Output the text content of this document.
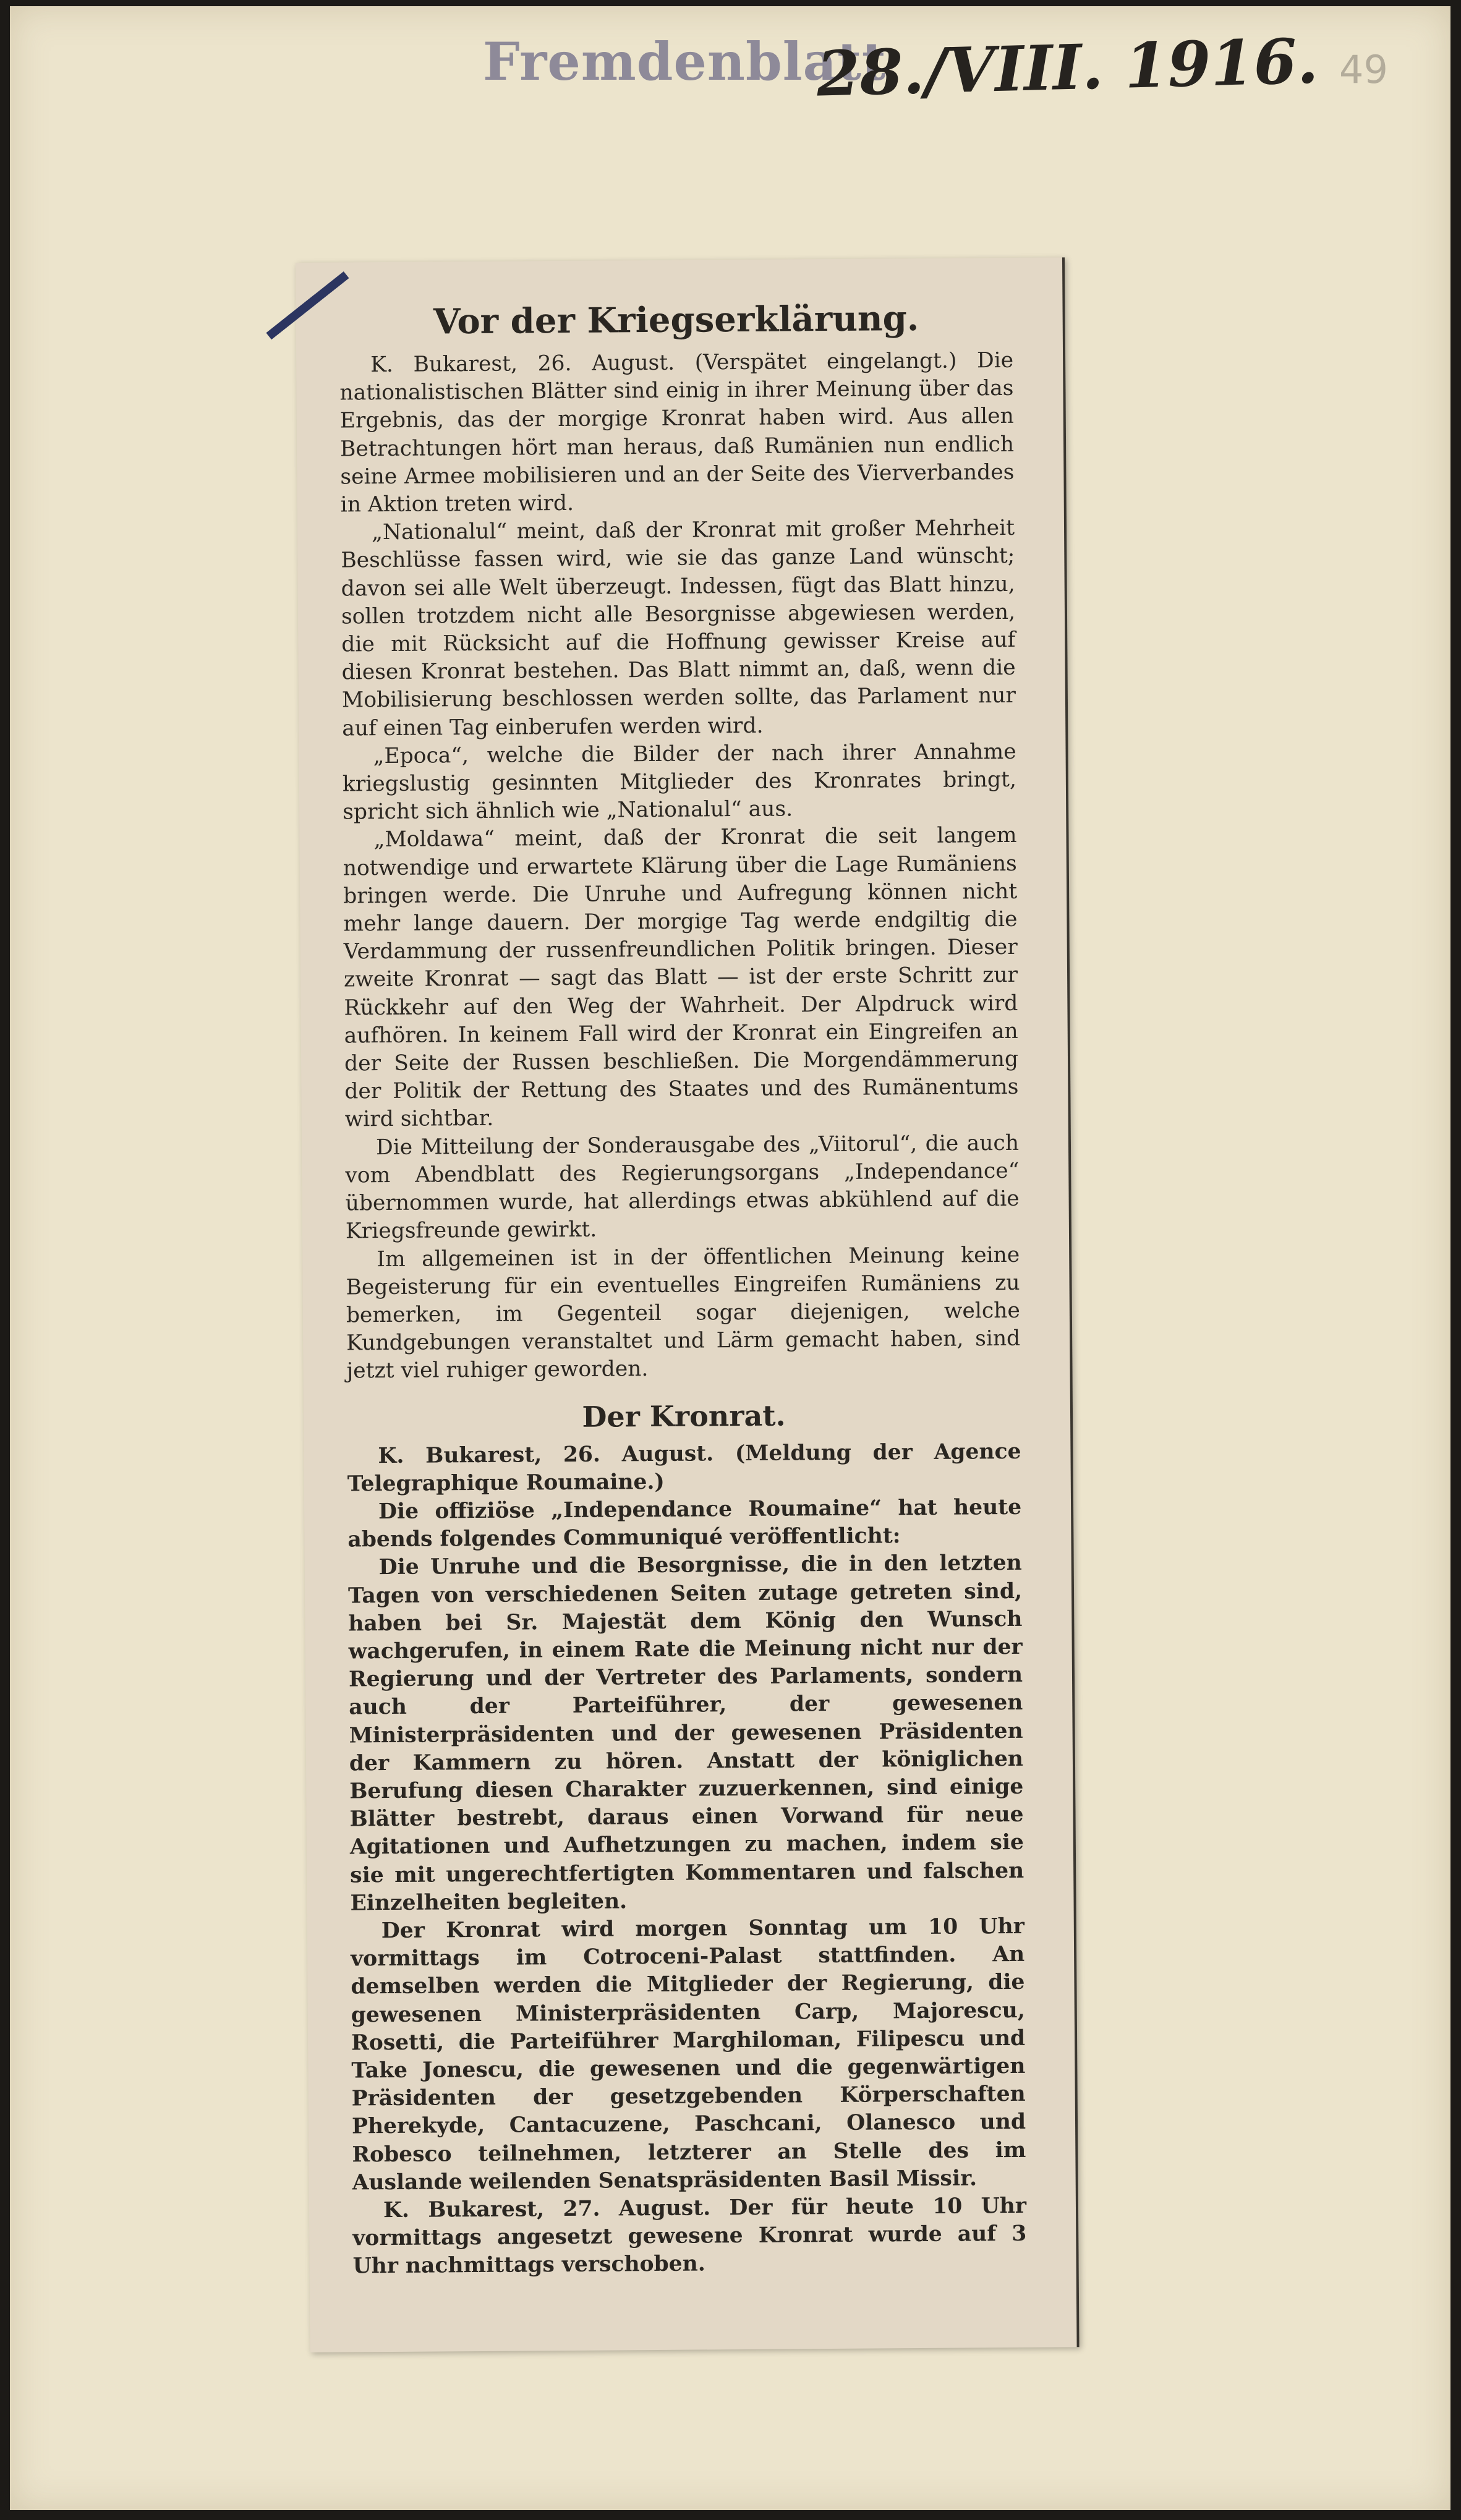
Fremdenblatt
28./VIII. 1916. 49
Vor der Kriegserklärung.

K. Bukarest, 26. August. (Verspätet eingelangt.) Die nationalistischen Blätter sind einig in ihrer Meinung über das Ergebnis, das der morgige Kronrat haben wird. Aus allen Betrachtungen hört man heraus, daß Rumänien nun endlich seine Armee mobilisieren und an der Seite des Vierverbandes in Aktion treten wird.

„Nationalul“ meint, daß der Kronrat mit großer Mehrheit Beschlüsse fassen wird, wie sie das ganze Land wünscht; davon sei alle Welt überzeugt. Indessen, fügt das Blatt hinzu, sollen trotzdem nicht alle Besorgnisse abgewiesen werden, die mit Rücksicht auf die Hoffnung gewisser Kreise auf diesen Kronrat bestehen. Das Blatt nimmt an, daß, wenn die Mobilisierung beschlossen werden sollte, das Parlament nur auf einen Tag einberufen werden wird.

„Epoca“, welche die Bilder der nach ihrer Annahme kriegslustig gesinnten Mitglieder des Kronrates bringt, spricht sich ähnlich wie „Nationalul“ aus.

„Moldawa“ meint, daß der Kronrat die seit langem notwendige und erwartete Klärung über die Lage Rumäniens bringen werde. Die Unruhe und Aufregung können nicht mehr lange dauern. Der morgige Tag werde endgiltig die Verdammung der russenfreundlichen Politik bringen. Dieser zweite Kronrat — sagt das Blatt — ist der erste Schritt zur Rückkehr auf den Weg der Wahrheit. Der Alpdruck wird aufhören. In keinem Fall wird der Kronrat ein Eingreifen an der Seite der Russen beschließen. Die Morgendämmerung der Politik der Rettung des Staates und des Rumänentums wird sichtbar.

Die Mitteilung der Sonderausgabe des „Viitorul“, die auch vom Abendblatt des Regierungsorgans „Independance“ übernommen wurde, hat allerdings etwas abkühlend auf die Kriegsfreunde gewirkt.

Im allgemeinen ist in der öffentlichen Meinung keine Begeisterung für ein eventuelles Eingreifen Rumäniens zu bemerken, im Gegenteil sogar diejenigen, welche Kundgebungen veranstaltet und Lärm gemacht haben, sind jetzt viel ruhiger geworden.

Der Kronrat.

K. Bukarest, 26. August. (Meldung der Agence Telegraphique Roumaine.)

Die offiziöse „Independance Roumaine“ hat heute abends folgendes Communiqué veröffentlicht:

Die Unruhe und die Besorgnisse, die in den letzten Tagen von verschiedenen Seiten zutage getreten sind, haben bei Sr. Majestät dem König den Wunsch wachgerufen, in einem Rate die Meinung nicht nur der Regierung und der Vertreter des Parlaments, sondern auch der Parteiführer, der gewesenen Ministerpräsidenten und der gewesenen Präsidenten der Kammern zu hören. Anstatt der königlichen Berufung diesen Charakter zuzuerkennen, sind einige Blätter bestrebt, daraus einen Vorwand für neue Agitationen und Aufhetzungen zu machen, indem sie sie mit ungerechtfertigten Kommentaren und falschen Einzelheiten begleiten.

Der Kronrat wird morgen Sonntag um 10 Uhr vormittags im Cotroceni-Palast stattfinden. An demselben werden die Mitglieder der Regierung, die gewesenen Ministerpräsidenten Carp, Majorescu, Rosetti, die Parteiführer Marghiloman, Filipescu und Take Jonescu, die gewesenen und die gegenwärtigen Präsidenten der gesetzgebenden Körperschaften Pherekyde, Cantacuzene, Paschcani, Olanesco und Robesco teilnehmen, letzterer an Stelle des im Auslande weilenden Senatspräsidenten Basil Missir.

K. Bukarest, 27. August. Der für heute 10 Uhr vormittags angesetzt gewesene Kronrat wurde auf 3 Uhr nachmittags verschoben.
